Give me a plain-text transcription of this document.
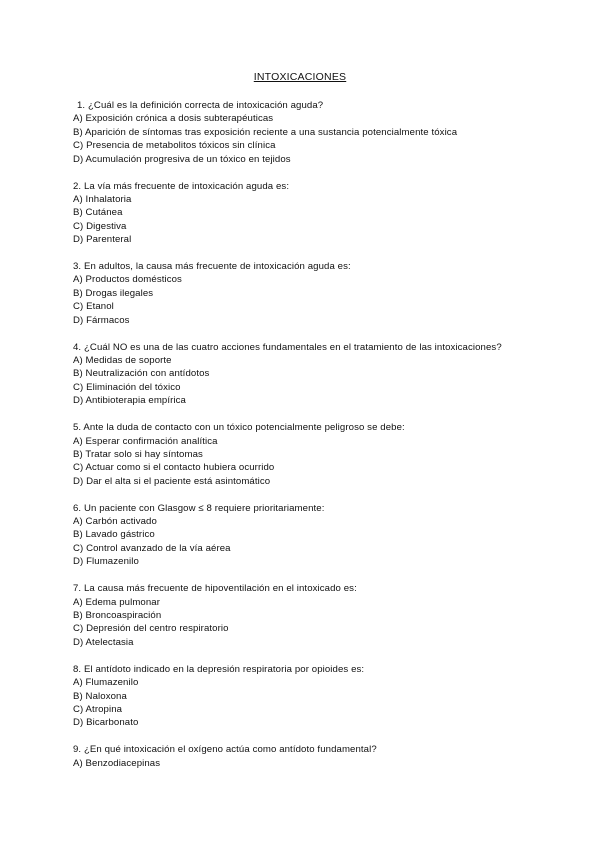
INTOXICACIONES
1. ¿Cuál es la definición correcta de intoxicación aguda?
A) Exposición crónica a dosis subterapéuticas
B) Aparición de síntomas tras exposición reciente a una sustancia potencialmente tóxica
C) Presencia de metabolitos tóxicos sin clínica
D) Acumulación progresiva de un tóxico en tejidos
2. La vía más frecuente de intoxicación aguda es:
A) Inhalatoria
B) Cutánea
C) Digestiva
D) Parenteral
3. En adultos, la causa más frecuente de intoxicación aguda es:
A) Productos domésticos
B) Drogas ilegales
C) Etanol
D) Fármacos
4. ¿Cuál NO es una de las cuatro acciones fundamentales en el tratamiento de las intoxicaciones?
A) Medidas de soporte
B) Neutralización con antídotos
C) Eliminación del tóxico
D) Antibioterapia empírica
5. Ante la duda de contacto con un tóxico potencialmente peligroso se debe:
A) Esperar confirmación analítica
B) Tratar solo si hay síntomas
C) Actuar como si el contacto hubiera ocurrido
D) Dar el alta si el paciente está asintomático
6. Un paciente con Glasgow ≤ 8 requiere prioritariamente:
A) Carbón activado
B) Lavado gástrico
C) Control avanzado de la vía aérea
D) Flumazenilo
7. La causa más frecuente de hipoventilación en el intoxicado es:
A) Edema pulmonar
B) Broncoaspiración
C) Depresión del centro respiratorio
D) Atelectasia
8. El antídoto indicado en la depresión respiratoria por opioides es:
A) Flumazenilo
B) Naloxona
C) Atropina
D) Bicarbonato
9. ¿En qué intoxicación el oxígeno actúa como antídoto fundamental?
A) Benzodiacepinas
